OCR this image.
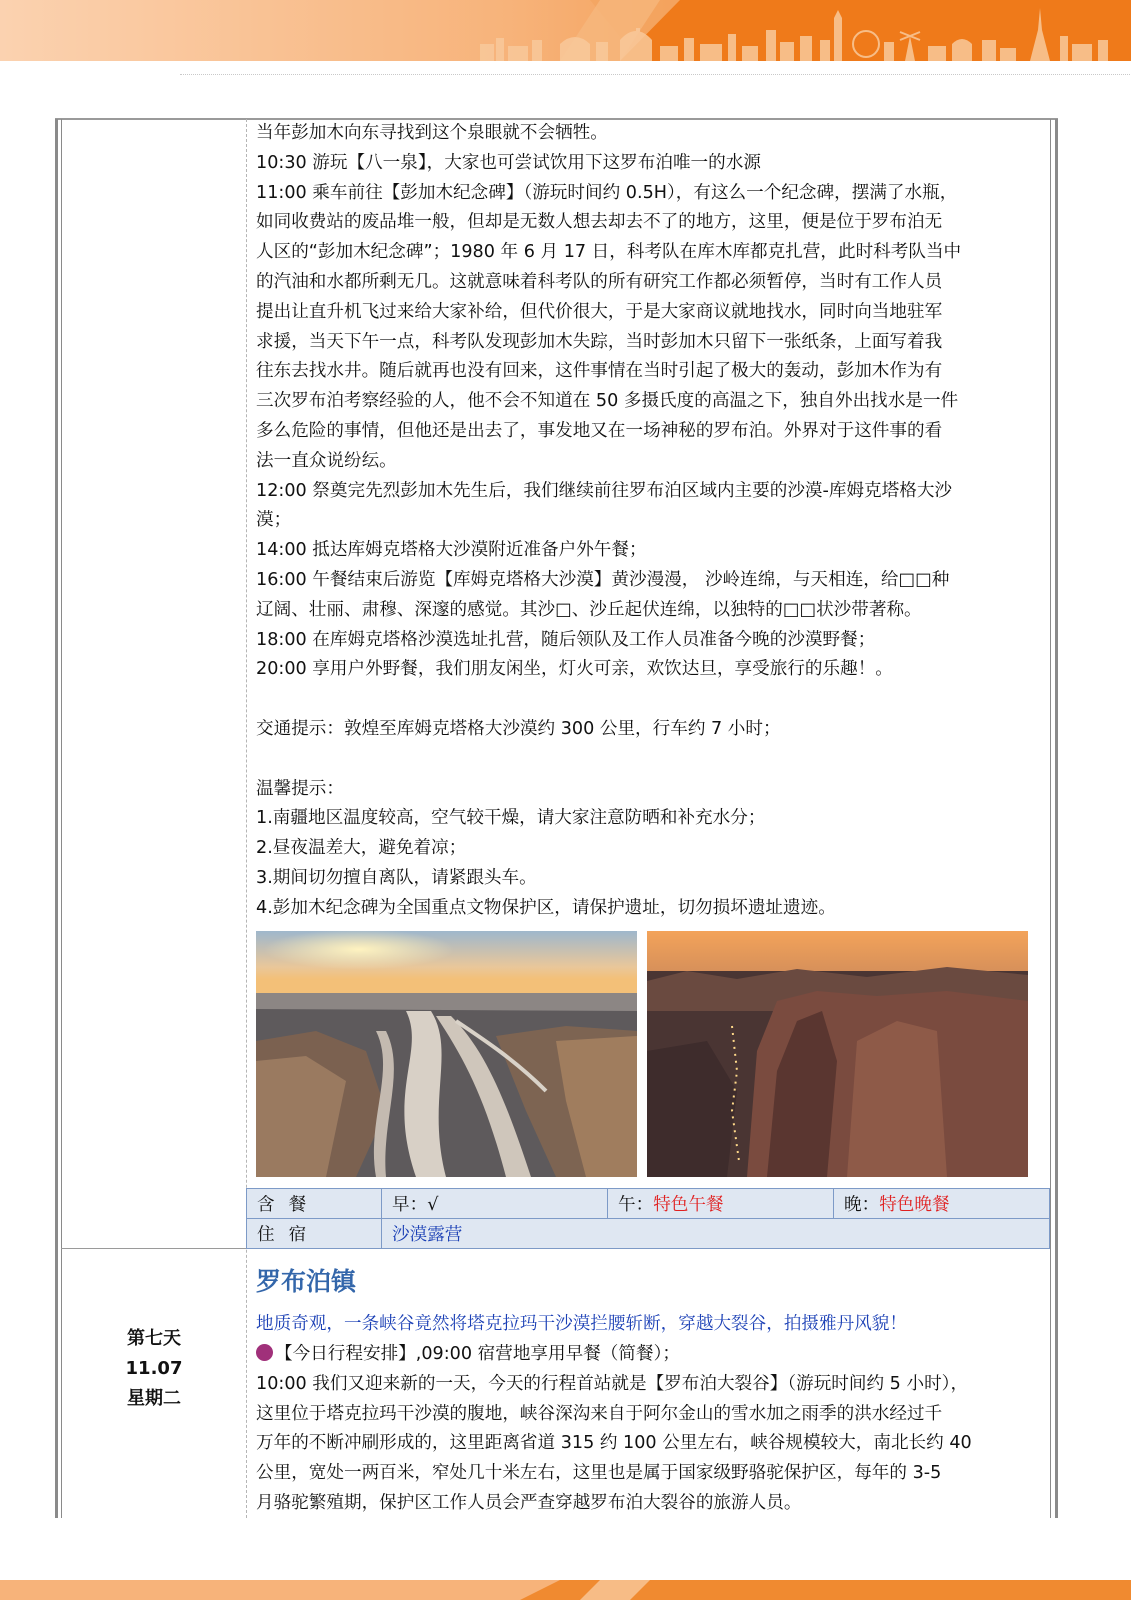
当年彭加木向东寻找到这个泉眼就不会牺牲。

10:30 游玩【八一泉】，大家也可尝试饮用下这罗布泊唯一的水源

11:00 乘车前往【彭加木纪念碑】（游玩时间约 0.5H），有这么一个纪念碑，摆满了水瓶，

如同收费站的废品堆一般，但却是无数人想去却去不了的地方，这里，便是位于罗布泊无

人区的“彭加木纪念碑”；1980 年 6 月 17 日，科考队在库木库都克扎营，此时科考队当中

的汽油和水都所剩无几。这就意味着科考队的所有研究工作都必须暂停，当时有工作人员

提出让直升机飞过来给大家补给，但代价很大，于是大家商议就地找水，同时向当地驻军

求援，当天下午一点，科考队发现彭加木失踪，当时彭加木只留下一张纸条，上面写着我

往东去找水井。随后就再也没有回来，这件事情在当时引起了极大的轰动，彭加木作为有

三次罗布泊考察经验的人，他不会不知道在 50 多摄氏度的高温之下，独自外出找水是一件

多么危险的事情，但他还是出去了，事发地又在一场神秘的罗布泊。外界对于这件事的看

法一直众说纷纭。

12:00 祭奠完先烈彭加木先生后，我们继续前往罗布泊区域内主要的沙漠-库姆克塔格大沙

漠；

14:00 抵达库姆克塔格大沙漠附近准备户外午餐；

16:00 午餐结束后游览【库姆克塔格大沙漠】黄沙漫漫， 沙岭连绵，与天相连，给□□种

辽阔、壮丽、肃穆、深邃的感觉。其沙□、沙丘起伏连绵，以独特的□□状沙带著称。

18:00 在库姆克塔格沙漠选址扎营，随后领队及工作人员准备今晚的沙漠野餐；

20:00 享用户外野餐，我们朋友闲坐，灯火可亲，欢饮达旦，享受旅行的乐趣！。

交通提示：敦煌至库姆克塔格大沙漠约 300 公里，行车约 7 小时；

温馨提示：

1.南疆地区温度较高，空气较干燥，请大家注意防晒和补充水分；

2.昼夜温差大，避免着凉；

3.期间切勿擅自离队，请紧跟头车。

4.彭加木纪念碑为全国重点文物保护区，请保护遗址，切勿损坏遗址遗迹。

含餐	早：√	午：特色午餐	晚：特色晚餐
住宿	沙漠露营		
第七天
11.07
星期二
罗布泊镇
地质奇观，一条峡谷竟然将塔克拉玛干沙漠拦腰斩断，穿越大裂谷，拍摄雅丹风貌！

【今日行程安排】,09:00 宿营地享用早餐（简餐）；

10:00 我们又迎来新的一天，今天的行程首站就是【罗布泊大裂谷】（游玩时间约 5 小时），

这里位于塔克拉玛干沙漠的腹地，峡谷深沟来自于阿尔金山的雪水加之雨季的洪水经过千

万年的不断冲刷形成的，这里距离省道 315 约 100 公里左右，峡谷规模较大，南北长约 40

公里，宽处一两百米，窄处几十米左右，这里也是属于国家级野骆驼保护区，每年的 3-5

月骆驼繁殖期，保护区工作人员会严查穿越罗布泊大裂谷的旅游人员。
